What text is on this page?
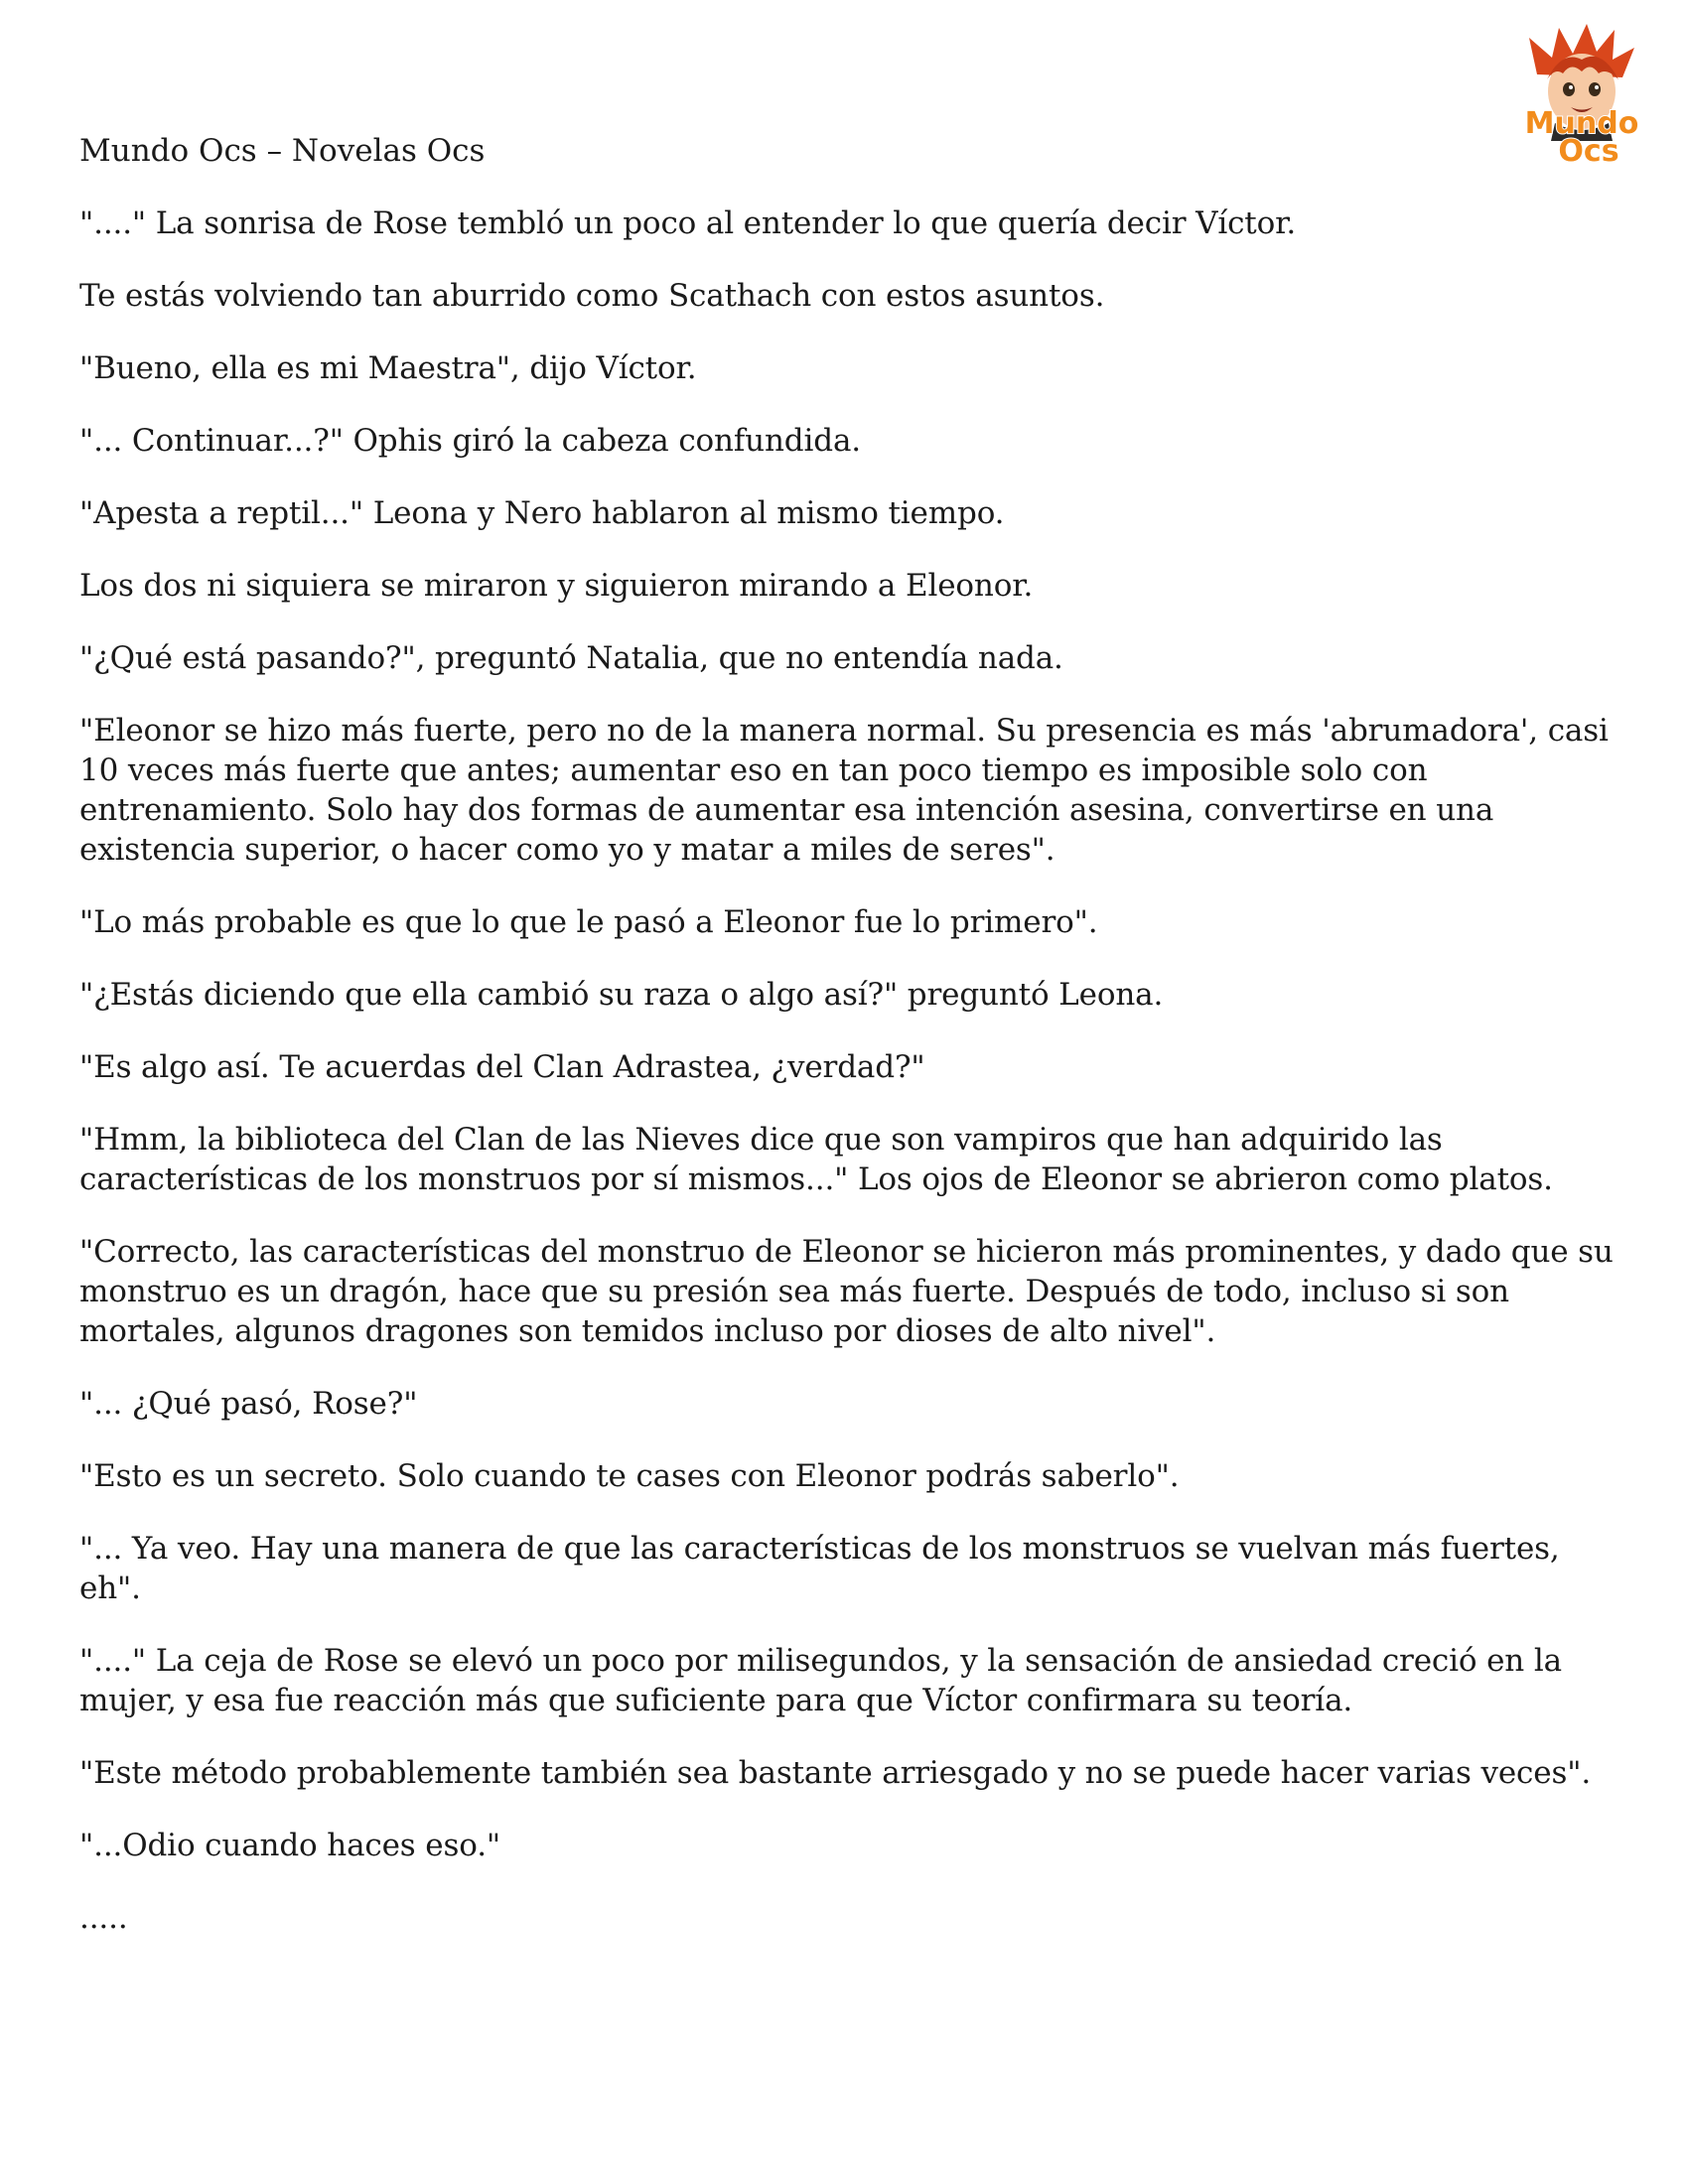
Mundo
Ocs
Mundo Ocs – Novelas Ocs
"...." La sonrisa de Rose tembló un poco al entender lo que quería decir Víctor.
Te estás volviendo tan aburrido como Scathach con estos asuntos.
"Bueno, ella es mi Maestra", dijo Víctor.
"... Continuar...?" Ophis giró la cabeza confundida.
"Apesta a reptil..." Leona y Nero hablaron al mismo tiempo.
Los dos ni siquiera se miraron y siguieron mirando a Eleonor.
"¿Qué está pasando?", preguntó Natalia, que no entendía nada.
"Eleonor se hizo más fuerte, pero no de la manera normal. Su presencia es más 'abrumadora', casi 10 veces más fuerte que antes; aumentar eso en tan poco tiempo es imposible solo con entrenamiento. Solo hay dos formas de aumentar esa intención asesina, convertirse en una existencia superior, o hacer como yo y matar a miles de seres".
"Lo más probable es que lo que le pasó a Eleonor fue lo primero".
"¿Estás diciendo que ella cambió su raza o algo así?" preguntó Leona.
"Es algo así. Te acuerdas del Clan Adrastea, ¿verdad?"
"Hmm, la biblioteca del Clan de las Nieves dice que son vampiros que han adquirido las características de los monstruos por sí mismos..." Los ojos de Eleonor se abrieron como platos.
"Correcto, las características del monstruo de Eleonor se hicieron más prominentes, y dado que su monstruo es un dragón, hace que su presión sea más fuerte. Después de todo, incluso si son mortales, algunos dragones son temidos incluso por dioses de alto nivel".
"... ¿Qué pasó, Rose?"
"Esto es un secreto. Solo cuando te cases con Eleonor podrás saberlo".
"... Ya veo. Hay una manera de que las características de los monstruos se vuelvan más fuertes, eh".
"...." La ceja de Rose se elevó un poco por milisegundos, y la sensación de ansiedad creció en la mujer, y esa fue reacción más que suficiente para que Víctor confirmara su teoría.
"Este método probablemente también sea bastante arriesgado y no se puede hacer varias veces".
"...Odio cuando haces eso."
.....
